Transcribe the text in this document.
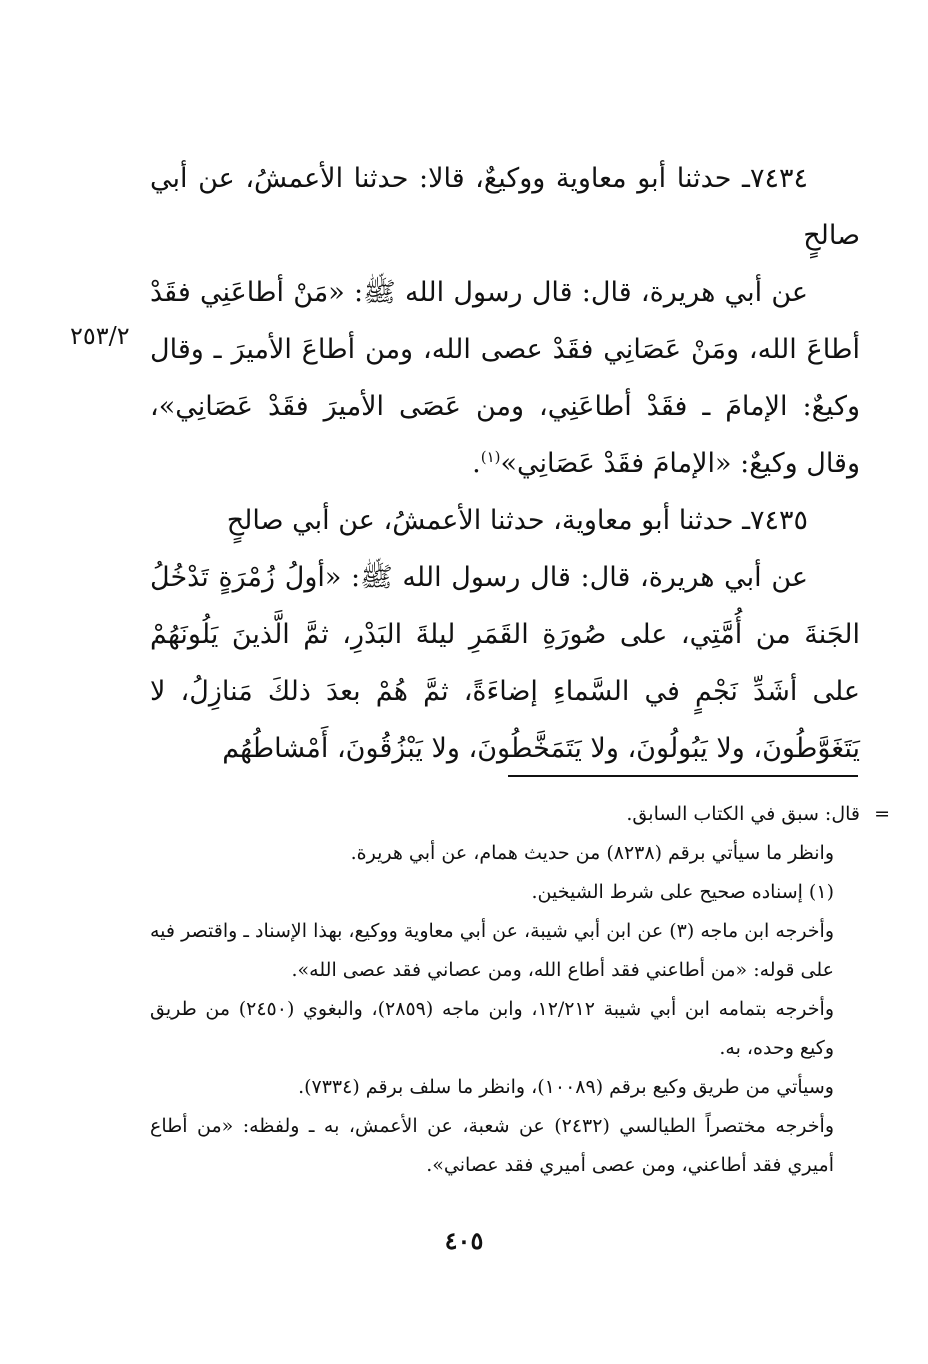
٧٤٣٤ـ حدثنا أبو معاوية ووكيعٌ، قالا: حدثنا الأعمشُ، عن أبي صالحٍ

عن أبي هريرة، قال: قال رسول الله ﷺ: «مَنْ أطاعَنِي فقَدْ أطاعَ الله، ومَنْ عَصَانِي فقَدْ عصى الله، ومن أطاعَ الأميرَ ـ وقال وكيعٌ: الإمامَ ـ فقَدْ أطاعَنِي، ومن عَصَى الأميرَ فقَدْ عَصَانِي»، وقال وكيعٌ: «الإمامَ فقَدْ عَصَانِي»$^{(١)}$.

٧٤٣٥ـ حدثنا أبو معاوية، حدثنا الأعمشُ، عن أبي صالحٍ

عن أبي هريرة، قال: قال رسول الله ﷺ: «أولُ زُمْرَةٍ تَدْخُلُ الجَنةَ من أُمَّتِي، على صُورَةِ القَمَرِ ليلةَ البَدْرِ، ثمَّ الَّذينَ يَلُونَهُمْ على أشَدِّ نَجْمٍ في السَّماءِ إضاءَةً، ثمَّ هُمْ بعدَ ذلكَ مَنازِلُ، لا يَتَغَوَّطُونَ، ولا يَبُولُونَ، ولا يَتَمَخَّطُونَ، ولا يَبْزُقُونَ، أَمْشاطُهُم

٢٥٣/٢

=
قال: سبق في الكتاب السابق.

وانظر ما سيأتي برقم (٨٢٣٨) من حديث همام، عن أبي هريرة.

(١) إسناده صحيح على شرط الشيخين.

وأخرجه ابن ماجه (٣) عن ابن أبي شيبة، عن أبي معاوية ووكيع، بهذا الإسناد ـ واقتصر فيه على قوله: «من أطاعني فقد أطاع الله، ومن عصاني فقد عصى الله».

وأخرجه بتمامه ابن أبي شيبة ١٢/٢١٢، وابن ماجه (٢٨٥٩)، والبغوي (٢٤٥٠) من طريق وكيع وحده، به.

وسيأتي من طريق وكيع برقم (١٠٠٨٩)، وانظر ما سلف برقم (٧٣٣٤).

وأخرجه مختصراً الطيالسي (٢٤٣٢) عن شعبة، عن الأعمش، به ـ ولفظه: «من أطاع أميري فقد أطاعني، ومن عصى أميري فقد عصاني».

٤٠٥
